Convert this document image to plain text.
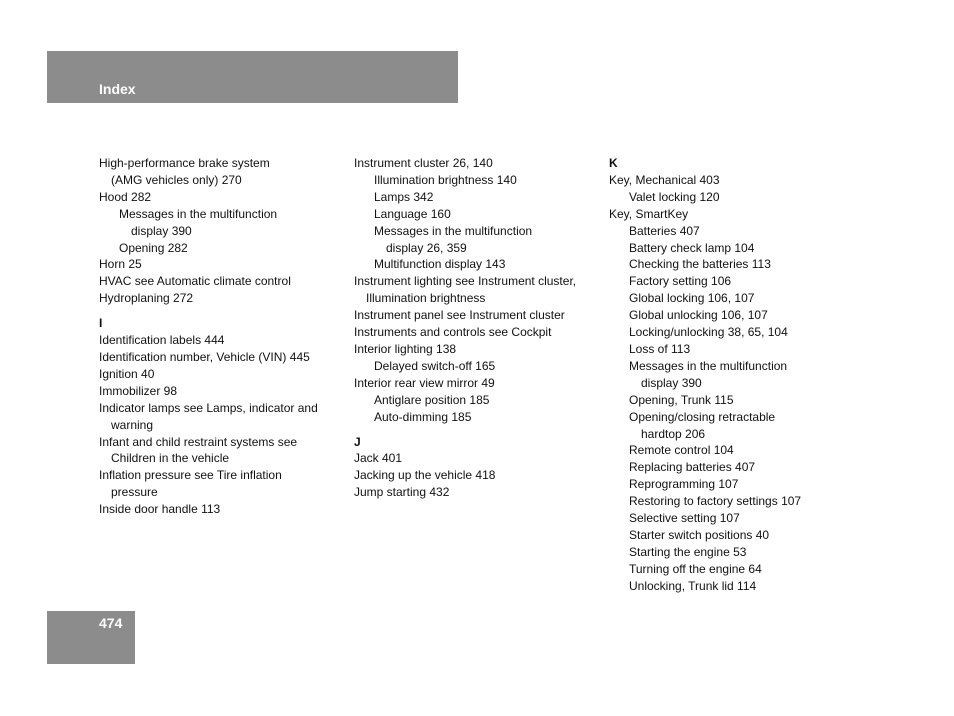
Index
High-performance brake system
(AMG vehicles only) 270
Hood 282
Messages in the multifunction
display 390
Opening 282
Horn 25
HVAC see Automatic climate control
Hydroplaning 272
I
Identification labels 444
Identification number, Vehicle (VIN) 445
Ignition 40
Immobilizer 98
Indicator lamps see Lamps, indicator and
warning
Infant and child restraint systems see
Children in the vehicle
Inflation pressure see Tire inflation
pressure
Inside door handle 113
Instrument cluster 26, 140
Illumination brightness 140
Lamps 342
Language 160
Messages in the multifunction
display 26, 359
Multifunction display 143
Instrument lighting see Instrument cluster,
Illumination brightness
Instrument panel see Instrument cluster
Instruments and controls see Cockpit
Interior lighting 138
Delayed switch-off 165
Interior rear view mirror 49
Antiglare position 185
Auto-dimming 185
J
Jack 401
Jacking up the vehicle 418
Jump starting 432
K
Key, Mechanical 403
Valet locking 120
Key, SmartKey
Batteries 407
Battery check lamp 104
Checking the batteries 113
Factory setting 106
Global locking 106, 107
Global unlocking 106, 107
Locking/unlocking 38, 65, 104
Loss of 113
Messages in the multifunction
display 390
Opening, Trunk 115
Opening/closing retractable
hardtop 206
Remote control 104
Replacing batteries 407
Reprogramming 107
Restoring to factory settings 107
Selective setting 107
Starter switch positions 40
Starting the engine 53
Turning off the engine 64
Unlocking, Trunk lid 114
474
